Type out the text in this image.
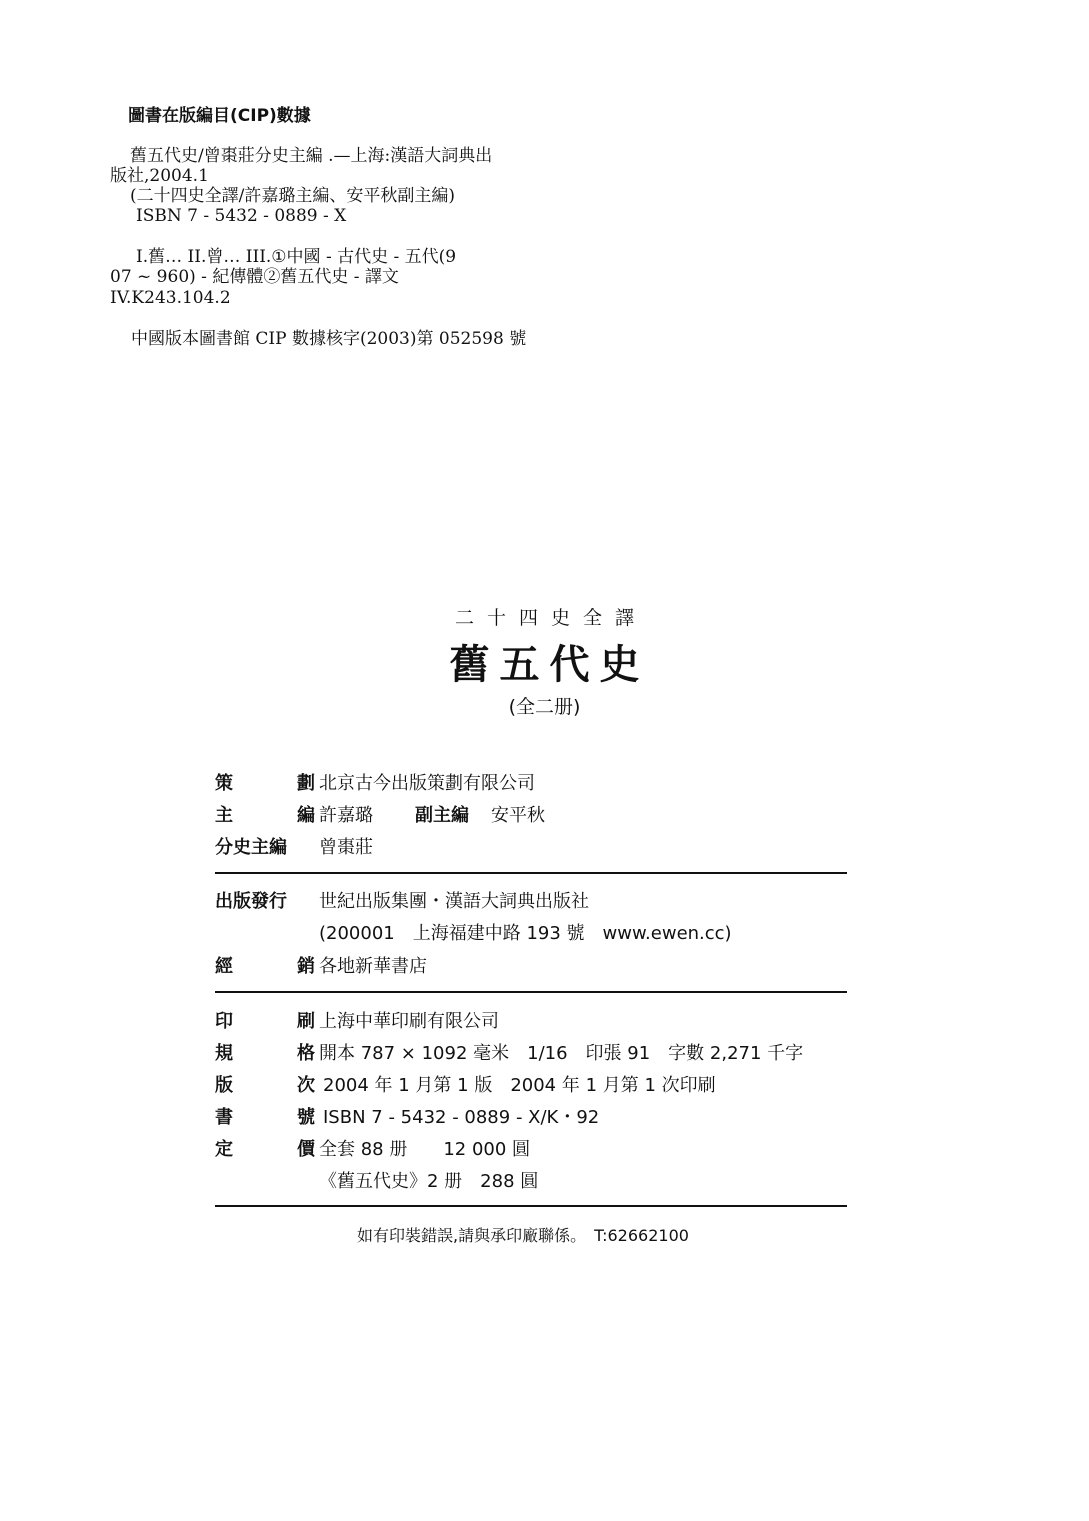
圖書在版編目(CIP)數據
舊五代史/曾棗莊分史主編 .—上海:漢語大詞典出
版社,2004.1
(二十四史全譯/許嘉璐主編、安平秋副主編)
ISBN 7 - 5432 - 0889 - X
I.舊… II.曾… III.①中國 - 古代史 - 五代(9
07 ~ 960) - 紀傳體②舊五代史 - 譯文
IV.K243.104.2
中國版本圖書館 CIP 數據核字(2003)第 052598 號
二十四史全譯
舊五代史
(全二册)
策	劃 北京古今出版策劃有限公司
主	編 許嘉璐 副主編 安平秋
分史主編	曾棗莊
出版發行	世紀出版集團・漢語大詞典出版社
(200001　上海福建中路 193 號　www.ewen.cc)
經	銷 各地新華書店
印	刷 上海中華印刷有限公司
規	格 開本 787 × 1092 毫米　1/16　印張 91　字數 2,271 千字
版	次 2004 年 1 月第 1 版　2004 年 1 月第 1 次印刷
書	號 ISBN 7 - 5432 - 0889 - X/K・92
定	價 全套 88 册　　12 000 圓
《舊五代史》2 册　288 圓
如有印裝錯誤,請與承印廠聯係。　T:62662100
